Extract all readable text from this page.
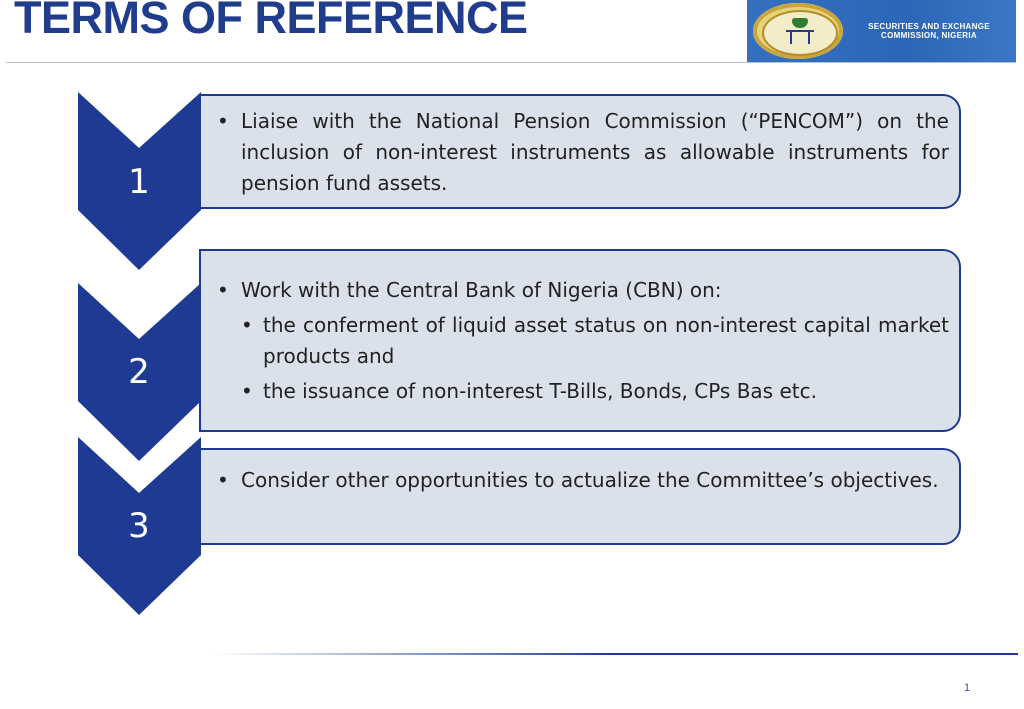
TERMS OF REFERENCE	SECURITIES AND EXCHANGE
COMMISSION, NIGERIA
1
2
3
• Liaise with the National Pension Commission (“PENCOM”) on the inclusion of non-interest instruments as allowable instruments for pension fund assets.
• Work with the Central Bank of Nigeria (CBN) on:
• the conferment of liquid asset status on non-interest capital market products and
• the issuance of non-interest T-Bills, Bonds, CPs Bas etc.
• Consider other opportunities to actualize the Committee’s objectives.
1
